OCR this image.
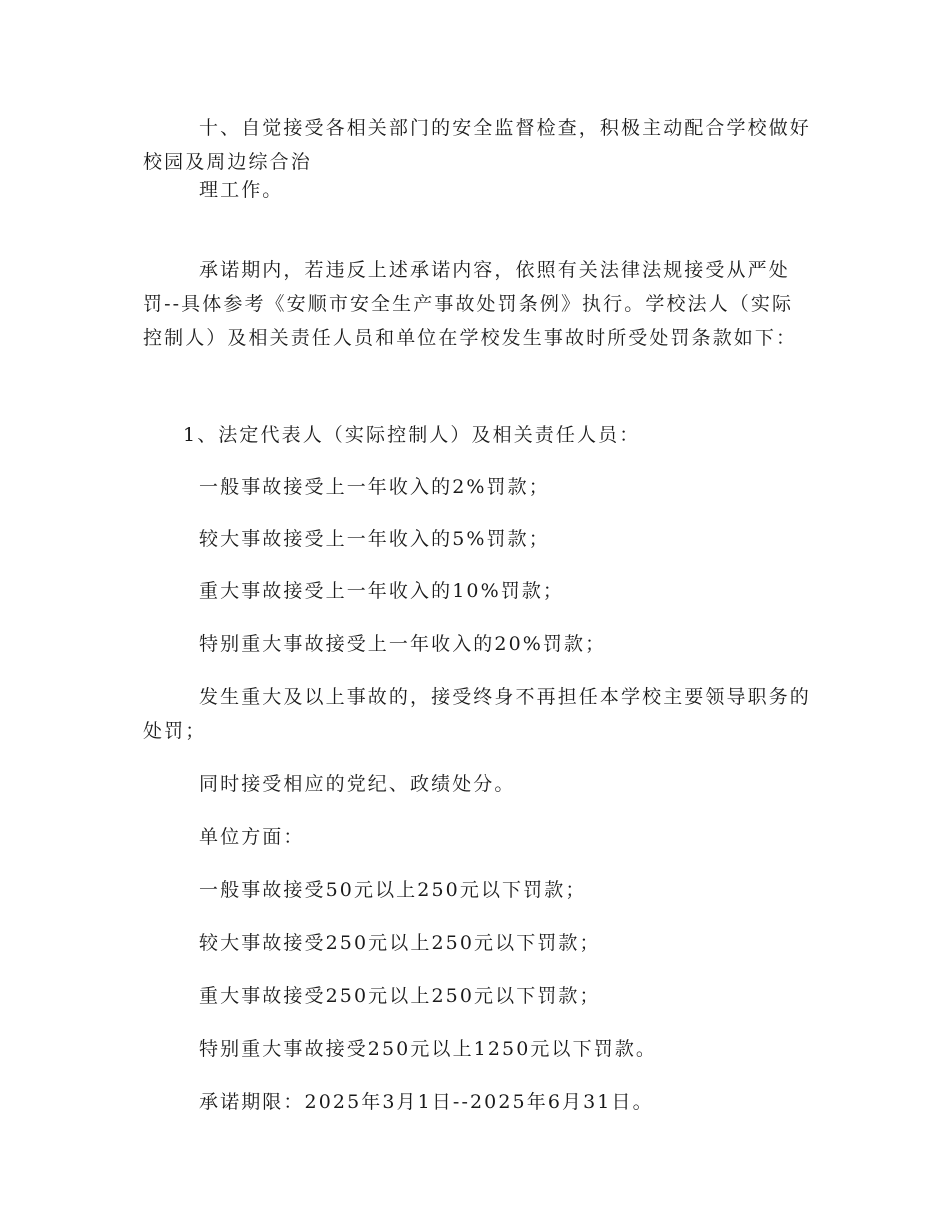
十、自觉接受各相关部门的安全监督检查，积极主动配合学校做好校园及周边综合治

理工作。

承诺期内，若违反上述承诺内容，依照有关法律法规接受从严处罚--具体参考《安顺市安全生产事故处罚条例》执行。学校法人（实际控制人）及相关责任人员和单位在学校发生事故时所受处罚条款如下：

1、法定代表人（实际控制人）及相关责任人员：

一般事故接受上一年收入的2%罚款；

较大事故接受上一年收入的5%罚款；

重大事故接受上一年收入的10%罚款；

特别重大事故接受上一年收入的20%罚款；

发生重大及以上事故的，接受终身不再担任本学校主要领导职务的处罚；

同时接受相应的党纪、政绩处分。

单位方面：

一般事故接受50元以上250元以下罚款；

较大事故接受250元以上250元以下罚款；

重大事故接受250元以上250元以下罚款；

特别重大事故接受250元以上1250元以下罚款。

承诺期限：2025年3月1日--2025年6月31日。
